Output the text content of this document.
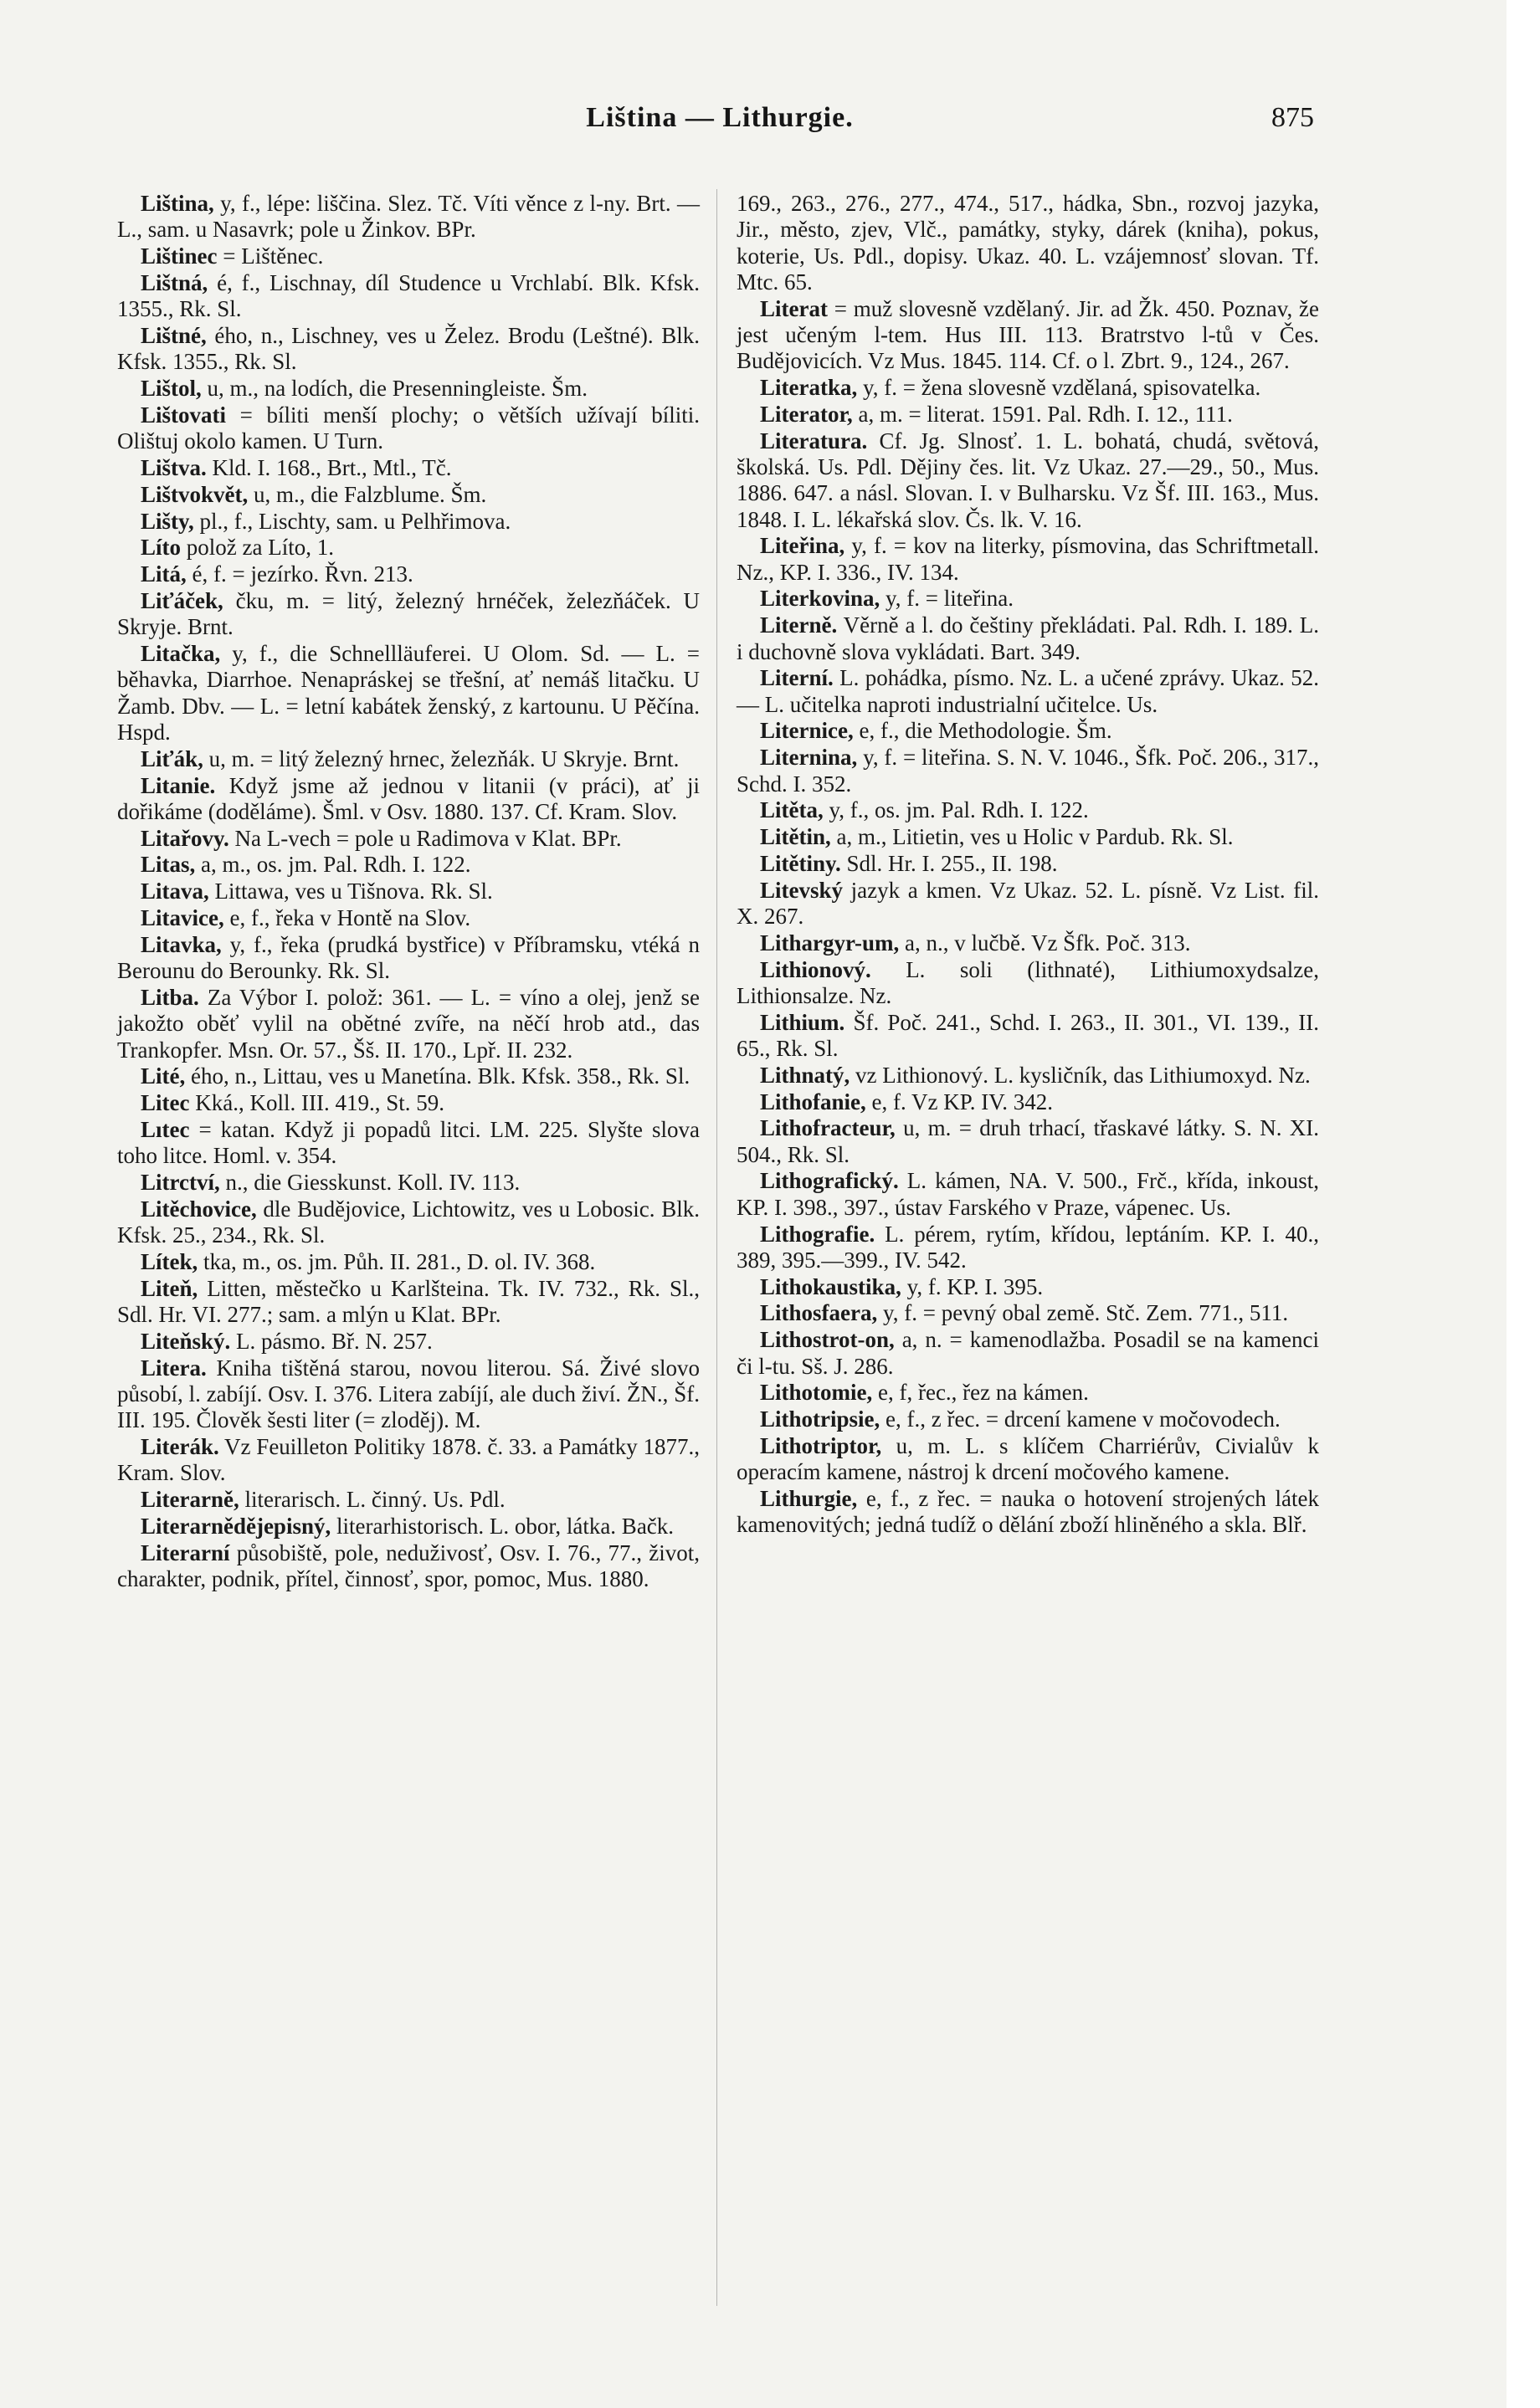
Liština — Lithurgie.	875

Liština, y, f., lépe: liščina. Slez. Tč. Víti věnce z l-ny. Brt. — L., sam. u Nasavrk; pole u Žinkov. BPr.

Lištinec = Lištěnec.

Lištná, é, f., Lischnay, díl Studence u Vrchlabí. Blk. Kfsk. 1355., Rk. Sl.

Lištné, ého, n., Lischney, ves u Želez. Brodu (Leštné). Blk. Kfsk. 1355., Rk. Sl.

Lištol, u, m., na lodích, die Presenningleiste. Šm.

Lištovati = bíliti menší plochy; o větších užívají bíliti. Olištuj okolo kamen. U Turn.

Lištva. Kld. I. 168., Brt., Mtl., Tč.

Lištvokvět, u, m., die Falzblume. Šm.

Lišty, pl., f., Lischty, sam. u Pelhřimova.

Líto polož za Líto, 1.

Litá, é, f. = jezírko. Řvn. 213.

Liťáček, čku, m. = litý, železný hrnéček, železňáček. U Skryje. Brnt.

Litačka, y, f., die Schnellläuferei. U Olom. Sd. — L. = běhavka, Diarrhoe. Nenapráskej se třešní, ať nemáš litačku. U Žamb. Dbv. — L. = letní kabátek ženský, z kartounu. U Pěčína. Hspd.

Liťák, u, m. = litý železný hrnec, železňák. U Skryje. Brnt.

Litanie. Když jsme až jednou v litanii (v práci), ať ji dořikáme (doděláme). Šml. v Osv. 1880. 137. Cf. Kram. Slov.

Litařovy. Na L-vech = pole u Radimova v Klat. BPr.

Litas, a, m., os. jm. Pal. Rdh. I. 122.

Litava, Littawa, ves u Tišnova. Rk. Sl.

Litavice, e, f., řeka v Hontě na Slov.

Litavka, y, f., řeka (prudká bystřice) v Příbramsku, vtéká n Berounu do Berounky. Rk. Sl.

Litba. Za Výbor I. polož: 361. — L. = víno a olej, jenž se jakožto oběť vylil na obětné zvíře, na něčí hrob atd., das Trankopfer. Msn. Or. 57., Šš. II. 170., Lpř. II. 232.

Lité, ého, n., Littau, ves u Manetína. Blk. Kfsk. 358., Rk. Sl.

Litec Kká., Koll. III. 419., St. 59.

Lıtec = katan. Když ji popadů litci. LM. 225. Slyšte slova toho litce. Homl. v. 354.

Litrctví, n., die Giesskunst. Koll. IV. 113.

Litěchovice, dle Budějovice, Lichtowitz, ves u Lobosic. Blk. Kfsk. 25., 234., Rk. Sl.

Lítek, tka, m., os. jm. Půh. II. 281., D. ol. IV. 368.

Liteň, Litten, městečko u Karlšteina. Tk. IV. 732., Rk. Sl., Sdl. Hr. VI. 277.; sam. a mlýn u Klat. BPr.

Liteňský. L. pásmo. Bř. N. 257.

Litera. Kniha tištěná starou, novou literou. Sá. Živé slovo působí, l. zabíjí. Osv. I. 376. Litera zabíjí, ale duch živí. ŽN., Šf. III. 195. Člověk šesti liter (= zloděj). M.

Literák. Vz Feuilleton Politiky 1878. č. 33. a Památky 1877., Kram. Slov.

Literarně, literarisch. L. činný. Us. Pdl.

Literarnědějepisný, literarhistorisch. L. obor, látka. Bačk.

Literarní působiště, pole, neduživosť, Osv. I. 76., 77., život, charakter, podnik, přítel, činnosť, spor, pomoc, Mus. 1880.

169., 263., 276., 277., 474., 517., hádka, Sbn., rozvoj jazyka, Jir., město, zjev, Vlč., památky, styky, dárek (kniha), pokus, koterie, Us. Pdl., dopisy. Ukaz. 40. L. vzájemnosť slovan. Tf. Mtc. 65.

Literat = muž slovesně vzdělaný. Jir. ad Žk. 450. Poznav, že jest učeným l-tem. Hus III. 113. Bratrstvo l-tů v Čes. Budějovicích. Vz Mus. 1845. 114. Cf. o l. Zbrt. 9., 124., 267.

Literatka, y, f. = žena slovesně vzdělaná, spisovatelka.

Literator, a, m. = literat. 1591. Pal. Rdh. I. 12., 111.

Literatura. Cf. Jg. Slnosť. 1. L. bohatá, chudá, světová, školská. Us. Pdl. Dějiny čes. lit. Vz Ukaz. 27.—29., 50., Mus. 1886. 647. a násl. Slovan. I. v Bulharsku. Vz Šf. III. 163., Mus. 1848. I. L. lékařská slov. Čs. lk. V. 16.

Liteřina, y, f. = kov na literky, písmovina, das Schriftmetall. Nz., KP. I. 336., IV. 134.

Literkovina, y, f. = liteřina.

Literně. Věrně a l. do češtiny překládati. Pal. Rdh. I. 189. L. i duchovně slova vykládati. Bart. 349.

Literní. L. pohádka, písmo. Nz. L. a učené zprávy. Ukaz. 52. — L. učitelka naproti industrialní učitelce. Us.

Liternice, e, f., die Methodologie. Šm.

Liternina, y, f. = liteřina. S. N. V. 1046., Šfk. Poč. 206., 317., Schd. I. 352.

Litěta, y, f., os. jm. Pal. Rdh. I. 122.

Litětin, a, m., Litietin, ves u Holic v Pardub. Rk. Sl.

Litětiny. Sdl. Hr. I. 255., II. 198.

Litevský jazyk a kmen. Vz Ukaz. 52. L. písně. Vz List. fil. X. 267.

Lithargyr-um, a, n., v lučbě. Vz Šfk. Poč. 313.

Lithionový. L. soli (lithnaté), Lithiumoxydsalze, Lithionsalze. Nz.

Lithium. Šf. Poč. 241., Schd. I. 263., II. 301., VI. 139., II. 65., Rk. Sl.

Lithnatý, vz Lithionový. L. kysličník, das Lithiumoxyd. Nz.

Lithofanie, e, f. Vz KP. IV. 342.

Lithofracteur, u, m. = druh trhací, třaskavé látky. S. N. XI. 504., Rk. Sl.

Lithografický. L. kámen, NA. V. 500., Frč., křída, inkoust, KP. I. 398., 397., ústav Farského v Praze, vápenec. Us.

Lithografie. L. pérem, rytím, křídou, leptáním. KP. I. 40., 389, 395.—399., IV. 542.

Lithokaustika, y, f. KP. I. 395.

Lithosfaera, y, f. = pevný obal země. Stč. Zem. 771., 511.

Lithostrot-on, a, n. = kamenodlažba. Posadil se na kamenci či l-tu. Sš. J. 286.

Lithotomie, e, f, řec., řez na kámen.

Lithotripsie, e, f., z řec. = drcení kamene v močovodech.

Lithotriptor, u, m. L. s klíčem Charriérův, Civialův k operacím kamene, nástroj k drcení močového kamene.

Lithurgie, e, f., z řec. = nauka o hotovení strojených látek kamenovitých; jedná tudíž o dělání zboží hliněného a skla. Blř.
